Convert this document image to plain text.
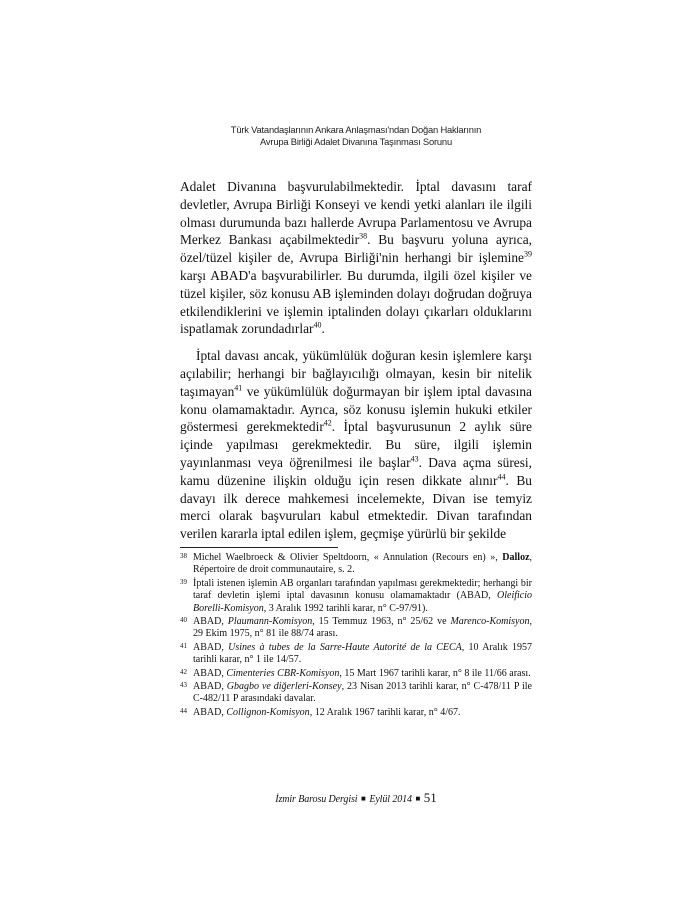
Türk Vatandaşlarının Ankara Anlaşması'ndan Doğan Haklarının
Avrupa Birliği Adalet Divanına Taşınması Sorunu

Adalet Divanına başvurulabilmektedir. İptal davasını taraf devletler, Avrupa Birliği Konseyi ve kendi yetki alanları ile ilgili olması durumunda bazı hallerde Avrupa Parlamentosu ve Avrupa Merkez Bankası açabilmektedir$^{38}$. Bu başvuru yoluna ayrıca, özel/tüzel kişiler de, Avrupa Birliği'nin herhangi bir işlemine$^{39}$ karşı ABAD'a başvurabilirler. Bu durumda, ilgili özel kişiler ve tüzel kişiler, söz konusu AB işleminden dolayı doğrudan doğruya etkilendiklerini ve işlemin iptalinden dolayı çıkarları olduklarını ispatlamak zorundadırlar$^{40}$.

İptal davası ancak, yükümlülük doğuran kesin işlemlere karşı açılabilir; herhangi bir bağlayıcılığı olmayan, kesin bir nitelik taşımayan$^{41}$ ve yükümlülük doğurmayan bir işlem iptal davasına konu olamamaktadır. Ayrıca, söz konusu işlemin hukuki etkiler göstermesi gerekmektedir$^{42}$. İptal başvurusunun 2 aylık süre içinde yapılması gerekmektedir. Bu süre, ilgili işlemin yayınlanması veya öğrenilmesi ile başlar$^{43}$. Dava açma süresi, kamu düzenine ilişkin olduğu için resen dikkate alınır$^{44}$. Bu davayı ilk derece mahkemesi incelemekte, Divan ise temyiz merci olarak başvuruları kabul etmektedir. Divan tarafından verilen kararla iptal edilen işlem, geçmişe yürürlü bir şekilde

38 Michel Waelbroeck & Olivier Speltdoorn, « Annulation (Recours en) », Dalloz, Répertoire de droit communautaire, s. 2.
39 İptali istenen işlemin AB organları tarafından yapılması gerekmektedir; herhangi bir taraf devletin işlemi iptal davasının konusu olamamaktadır (ABAD, Oleificio Borelli-Komisyon, 3 Aralık 1992 tarihli karar, n° C-97/91).
40 ABAD, Plaumann-Komisyon, 15 Temmuz 1963, n° 25/62 ve Marenco-Komisyon, 29 Ekim 1975, n° 81 ile 88/74 arası.
41 ABAD, Usines à tubes de la Sarre-Haute Autorité de la CECA, 10 Aralık 1957 tarihli karar, n° 1 ile 14/57.
42 ABAD, Cimenteries CBR-Komisyon, 15 Mart 1967 tarihli karar, n° 8 ile 11/66 arası.
43 ABAD, Gbagbo ve diğerleri-Konsey, 23 Nisan 2013 tarihli karar, n° C-478/11 P ile C-482/11 P arasındaki davalar.
44 ABAD, Collignon-Komisyon, 12 Aralık 1967 tarihli karar, n° 4/67.
İzmir Barosu Dergisi ■ Eylül 2014 ■ 51
